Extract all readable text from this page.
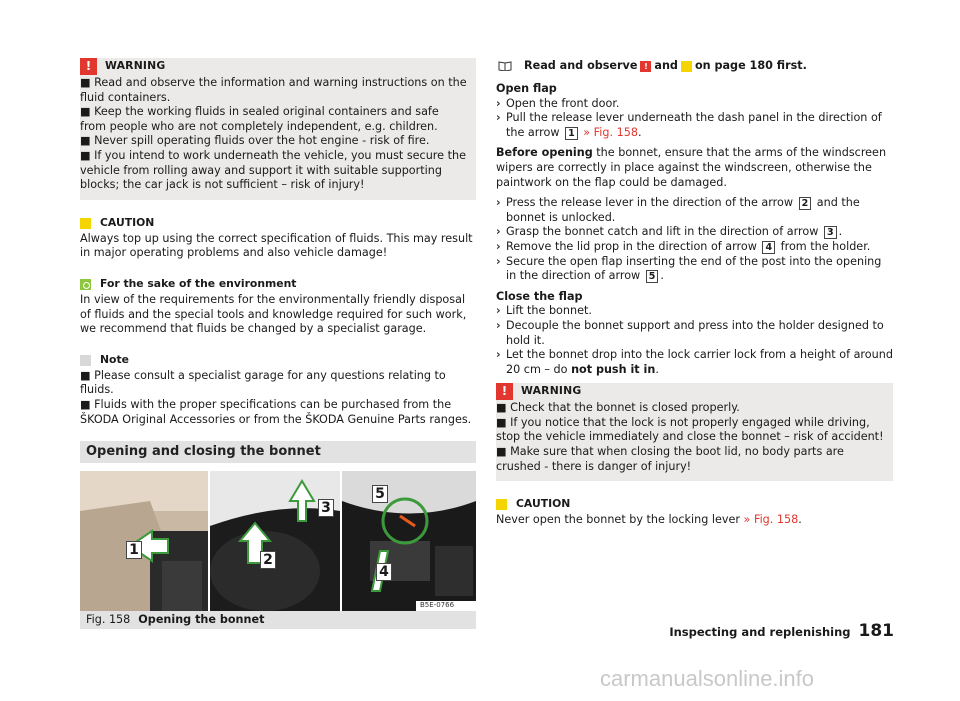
!	WARNING

■ Read and observe the information and warning instructions on the fluid containers.

■ Keep the working fluids in sealed original containers and safe from people who are not completely independent, e.g. children.

■ Never spill operating fluids over the hot engine - risk of fire.

■ If you intend to work underneath the vehicle, you must secure the vehicle from rolling away and support it with suitable supporting blocks; the car jack is not sufficient – risk of injury!

CAUTION

Always top up using the correct specification of fluids. This may result in major operating problems and also vehicle damage!

For the sake of the environment

In view of the requirements for the environmentally friendly disposal of fluids and the special tools and knowledge required for such work, we recommend that fluids be changed by a specialist garage.

Note

■ Please consult a specialist garage for any questions relating to fluids.

■ Fluids with the proper specifications can be purchased from the ŠKODA Original Accessories or from the ŠKODA Genuine Parts ranges.

Opening and closing the bonnet
1
2
3
4
5
B5E-0766
Fig. 158 Opening the bonnet
Read and observe ! and on page 180 first.
Open flap
› Open the front door.
› Pull the release lever underneath the dash panel in the direction of the arrow 1 » Fig. 158.

Before opening the bonnet, ensure that the arms of the windscreen wipers are correctly in place against the windscreen, otherwise the paintwork on the flap could be damaged.

› Press the release lever in the direction of the arrow 2 and the bonnet is unlocked.
› Grasp the bonnet catch and lift in the direction of arrow 3 .
› Remove the lid prop in the direction of arrow 4 from the holder.
› Secure the open flap inserting the end of the post into the opening in the direction of arrow 5 .
Close the flap
› Lift the bonnet.
› Decouple the bonnet support and press into the holder designed to hold it.
› Let the bonnet drop into the lock carrier lock from a height of around 20 cm – do not push it in.
!	WARNING

■ Check that the bonnet is closed properly.

■ If you notice that the lock is not properly engaged while driving, stop the vehicle immediately and close the bonnet – risk of accident!

■ Make sure that when closing the boot lid, no body parts are crushed - there is danger of injury!

CAUTION

Never open the bonnet by the locking lever » Fig. 158.

Inspecting and replenishing 181
carmanualsonline.info
